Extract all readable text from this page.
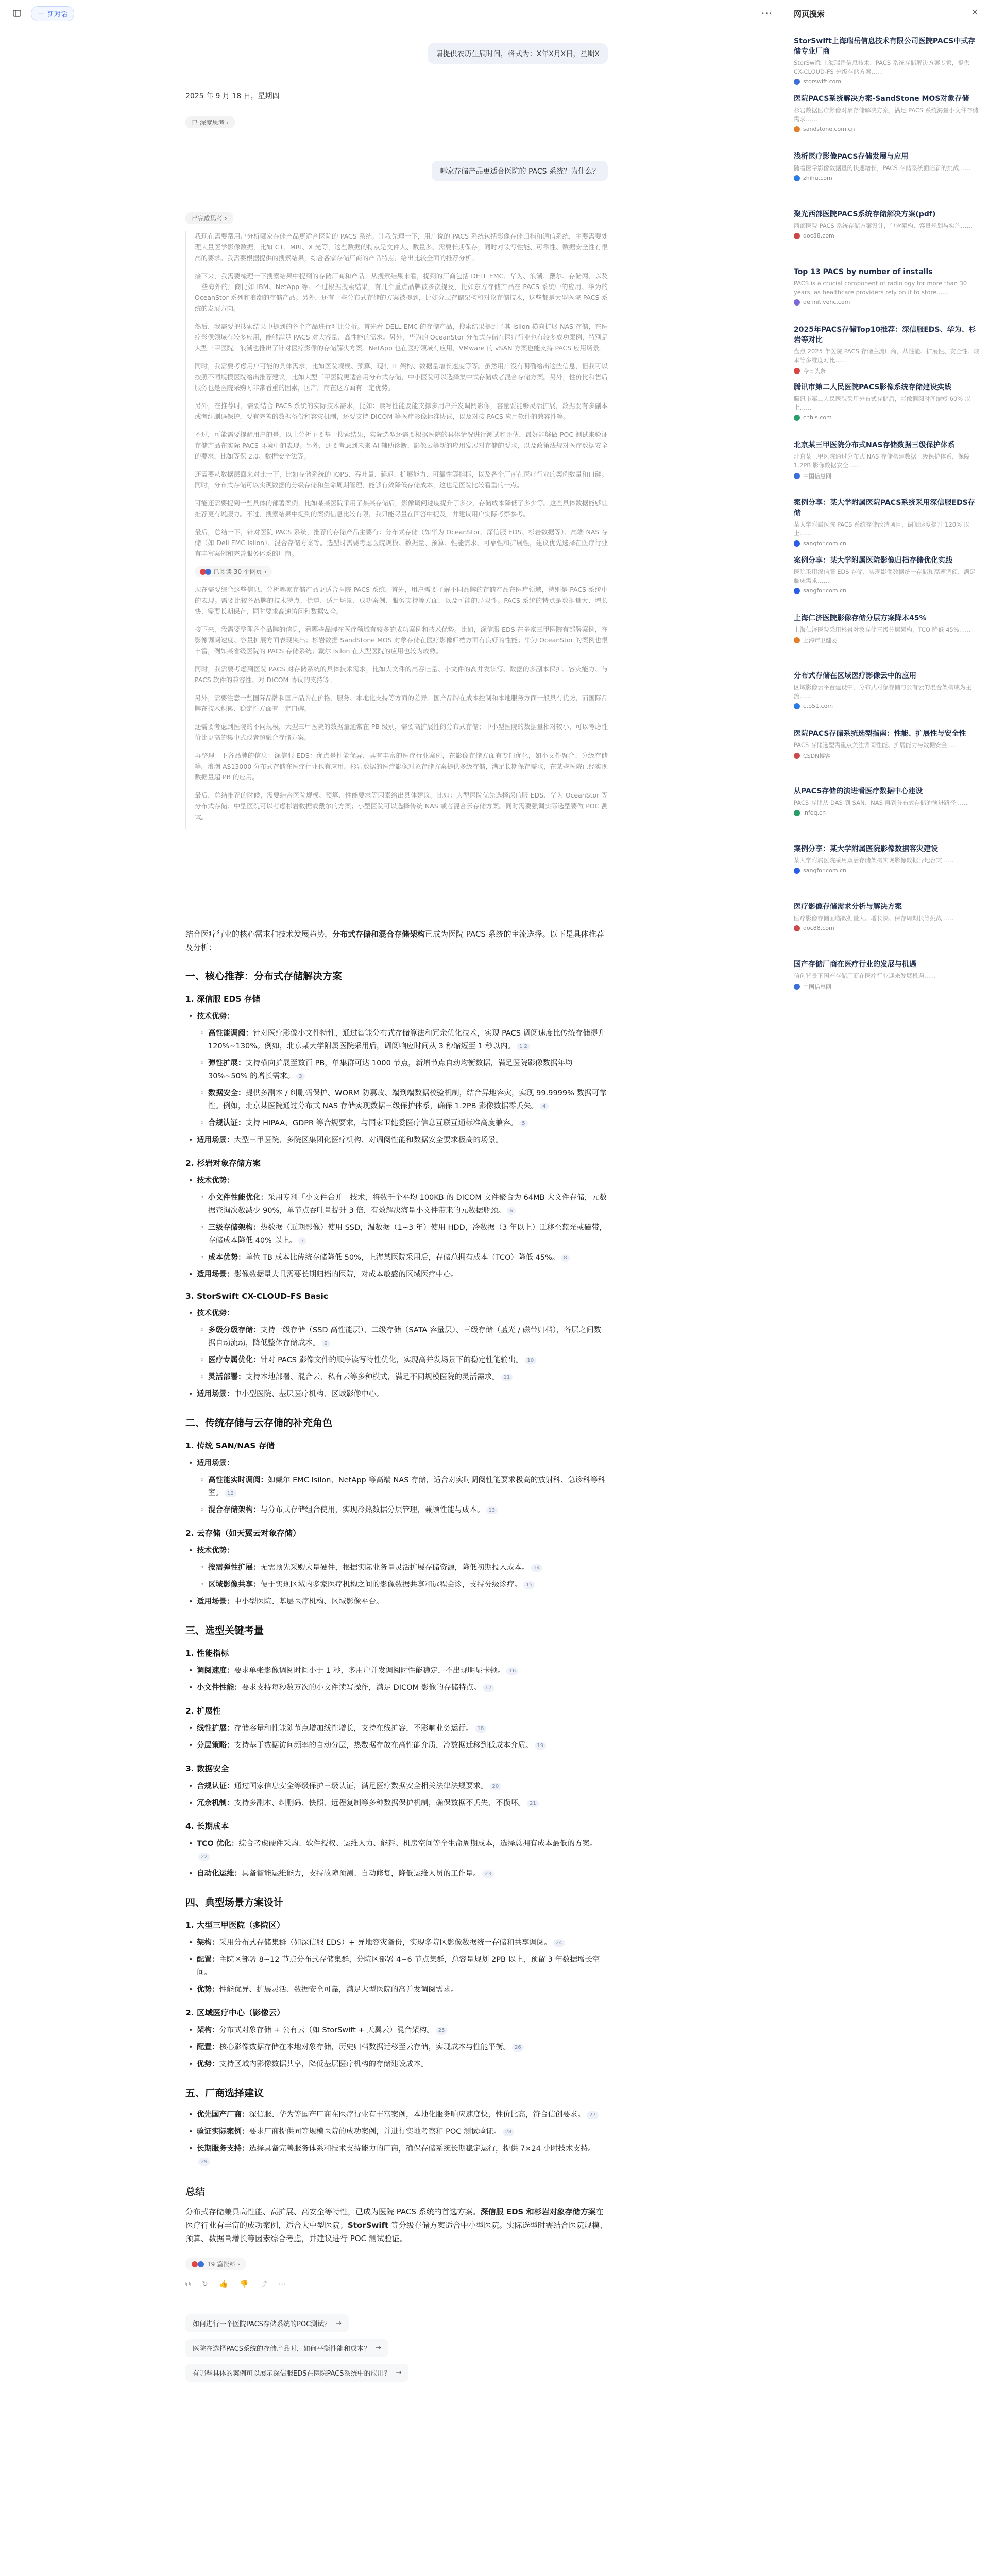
＋ 新对话	···
请提供农历生辰时间，格式为：X年X月X日，星期X
2025 年 9 月 18 日，星期四
已 深度思考 ›
哪家存储产品更适合医院的 PACS 系统？为什么？
已完成思考 ›

我现在需要帮用户分析哪家存储产品更适合医院的 PACS 系统。让我先理一下，用户说的 PACS 系统包括影像存储归档和通信系统，主要需要处理大量医学影像数据，比如 CT、MRI、X 光等，这些数据的特点是文件大、数量多、需要长期保存，同时对读写性能、可靠性、数据安全性有很高的要求。我需要根据提供的搜索结果，综合各家存储厂商的产品特点，给出比较全面的推荐分析。

接下来，我需要梳理一下搜索结果中提到的存储厂商和产品。从搜索结果来看，提到的厂商包括 DELL EMC、华为、浪潮、戴尔、存储网、以及一些海外的厂商比如 IBM、NetApp 等。不过根据搜索结果，有几个重点品牌被多次提及，比如东方存储产品在 PACS 系统中的应用、华为的 OceanStor 系列和浪潮的存储产品。另外，还有一些分布式存储的方案被提到，比如分层存储架构和对象存储技术，这些都是大型医院 PACS 系统的发展方向。

然后，我需要把搜索结果中提到的各个产品进行对比分析。首先看 DELL EMC 的存储产品，搜索结果提到了其 Isilon 横向扩展 NAS 存储，在医疗影像领域有较多应用，能够满足 PACS 对大容量、高性能的需求。另外，华为的 OceanStor 分布式存储在医疗行业也有较多成功案例，特别是大型三甲医院。浪潮也推出了针对医疗影像的存储解决方案。NetApp 也在医疗领域有应用，VMware 的 vSAN 方案也能支持 PACS 应用场景。

同时，我需要考虑用户可能的具体需求，比如医院规模、预算、现有 IT 架构、数据量增长速度等等。虽然用户没有明确给出这些信息，但我可以按照不同规模医院给出推荐建议，比如大型三甲医院更适合用分布式存储，中小医院可以选择集中式存储或者混合存储方案。另外，性价比和售后服务也是医院采购时非常看重的因素，国产厂商在这方面有一定优势。

另外，在推荐时，需要结合 PACS 系统的实际技术需求，比如：读写性能要能支撑多用户并发调阅影像，容量要能够灵活扩展，数据要有多副本或者纠删码保护，要有完善的数据备份和容灾机制，还要支持 DICOM 等医疗影像标准协议，以及对接 PACS 应用软件的兼容性等。

不过，可能需要提醒用户的是，以上分析主要基于搜索结果，实际选型还需要根据医院的具体情况进行测试和评估，最好能够做 POC 测试来验证存储产品在实际 PACS 环境中的表现。另外，还要考虑到未来 AI 辅助诊断、影像云等新的应用发展对存储的要求，以及政策法规对医疗数据安全的要求，比如等保 2.0、数据安全法等。

还需要从数据层面来对比一下，比如存储系统的 IOPS、吞吐量、延迟、扩展能力、可靠性等指标，以及各个厂商在医疗行业的案例数量和口碑。同时，分布式存储可以实现数据的分级存储和生命周期管理，能够有效降低存储成本，这也是医院比较看重的一点。

可能还需要提到一些具体的部署案例，比如某某医院采用了某某存储后，影像调阅速度提升了多少，存储成本降低了多少等。这些具体数据能够让推荐更有说服力。不过，搜索结果中提到的案例信息比较有限，我只能尽量在回答中提及，并建议用户实际考察参考。

最后，总结一下，针对医院 PACS 系统，推荐的存储产品主要有：分布式存储（如华为 OceanStor、深信服 EDS、杉岩数据等）、高端 NAS 存储（如 Dell EMC Isilon）、混合存储方案等。选型时需要考虑医院规模、数据量、预算、性能需求、可靠性和扩展性，建议优先选择在医疗行业有丰富案例和完善服务体系的厂商。

已阅读 30 个网页 ›

现在需要综合这些信息，分析哪家存储产品更适合医院 PACS 系统。首先，用户需要了解不同品牌的存储产品在医疗领域，特别是 PACS 系统中的表现。需要比较各品牌的技术特点、优势、适用场景、成功案例、服务支持等方面，以及可能的局限性。PACS 系统的特点是数据量大、增长快、需要长期保存，同时要求高速访问和数据安全。

接下来，我需要整理各个品牌的信息，看哪些品牌在医疗领域有较多的成功案例和技术优势。比如，深信服 EDS 在多家三甲医院有部署案例，在影像调阅速度、容量扩展方面表现突出；杉岩数据 SandStone MOS 对象存储在医疗影像归档方面有良好的性能；华为 OceanStor 的案例也很丰富，例如某省级医院的 PACS 存储系统；戴尔 Isilon 在大型医院的应用也较为成熟。

同时，我需要考虑到医院 PACS 对存储系统的具体技术需求，比如大文件的高吞吐量、小文件的高并发读写、数据的多副本保护、容灾能力、与 PACS 软件的兼容性、对 DICOM 协议的支持等。

另外，需要注意一些国际品牌和国产品牌在价格、服务、本地化支持等方面的差异。国产品牌在成本控制和本地服务方面一般具有优势，而国际品牌在技术积累、稳定性方面有一定口碑。

还需要考虑到医院的不同规模，大型三甲医院的数据量通常在 PB 级别，需要高扩展性的分布式存储；中小型医院的数据量相对较小，可以考虑性价比更高的集中式或者超融合存储方案。

再整理一下各品牌的信息：深信服 EDS：优点是性能优异，具有丰富的医疗行业案例，在影像存储方面有专门优化，如小文件聚合、分级存储等。浪潮 AS13000 分布式存储在医疗行业也有应用。杉岩数据的医疗影像对象存储方案提供多级存储，满足长期保存需求，在某些医院已经实现数据量超 PB 的应用。

最后，总结推荐的时候，需要结合医院规模、预算、性能要求等因素给出具体建议。比如：大型医院优先选择深信服 EDS、华为 OceanStor 等分布式存储；中型医院可以考虑杉岩数据或戴尔的方案；小型医院可以选择传统 NAS 或者混合云存储方案。同时需要强调实际选型要做 POC 测试。

结合医疗行业的核心需求和技术发展趋势，分布式存储和混合存储架构已成为医院 PACS 系统的主流选择。以下是具体推荐及分析：

一、核心推荐：分布式存储解决方案
1. 深信服 EDS 存储
• 技术优势：
◦ 高性能调阅：针对医疗影像小文件特性，通过智能分布式存储算法和冗余优化技术，实现 PACS 调阅速度比传统存储提升 120%~130%。例如，北京某大学附属医院采用后，调阅响应时间从 3 秒缩短至 1 秒以内。 1 2
◦ 弹性扩展：支持横向扩展至数百 PB，单集群可达 1000 节点，新增节点自动均衡数据，满足医院影像数据年均 30%~50% 的增长需求。 3
◦ 数据安全：提供多副本 / 纠删码保护、WORM 防篡改、端到端数据校验机制，结合异地容灾，实现 99.9999% 数据可靠性。例如，北京某医院通过分布式 NAS 存储实现数据三级保护体系，确保 1.2PB 影像数据零丢失。 4
◦ 合规认证：支持 HIPAA、GDPR 等合规要求，与国家卫健委医疗信息互联互通标准高度兼容。 5
• 适用场景：大型三甲医院、多院区集团化医疗机构、对调阅性能和数据安全要求极高的场景。
2. 杉岩对象存储方案
• 技术优势：
◦ 小文件性能优化：采用专利「小文件合并」技术，将数千个平均 100KB 的 DICOM 文件聚合为 64MB 大文件存储，元数据查询次数减少 90%，单节点吞吐量提升 3 倍，有效解决海量小文件带来的元数据瓶颈。 6
◦ 三级存储架构：热数据（近期影像）使用 SSD，温数据（1~3 年）使用 HDD，冷数据（3 年以上）迁移至蓝光或磁带，存储成本降低 40% 以上。 7
◦ 成本优势：单位 TB 成本比传统存储降低 50%，上海某医院采用后，存储总拥有成本（TCO）降低 45%。 8
• 适用场景：影像数据量大且需要长期归档的医院，对成本敏感的区域医疗中心。
3. StorSwift CX-CLOUD-FS Basic
• 技术优势：
◦ 多级分级存储：支持一级存储（SSD 高性能层）、二级存储（SATA 容量层）、三级存储（蓝光 / 磁带归档），各层之间数据自动流动，降低整体存储成本。 9
◦ 医疗专属优化：针对 PACS 影像文件的顺序读写特性优化，实现高并发场景下的稳定性能输出。 10
◦ 灵活部署：支持本地部署、混合云、私有云等多种模式，满足不同规模医院的灵活需求。 11
• 适用场景：中小型医院、基层医疗机构、区域影像中心。
二、传统存储与云存储的补充角色
1. 传统 SAN/NAS 存储
• 适用场景：
◦ 高性能实时调阅：如戴尔 EMC Isilon、NetApp 等高端 NAS 存储，适合对实时调阅性能要求极高的放射科、急诊科等科室。 12
◦ 混合存储架构：与分布式存储组合使用，实现冷热数据分层管理，兼顾性能与成本。 13
2. 云存储（如天翼云对象存储）
• 技术优势：
◦ 按需弹性扩展：无需预先采购大量硬件，根据实际业务量灵活扩展存储资源，降低初期投入成本。 14
◦ 区域影像共享：便于实现区域内多家医疗机构之间的影像数据共享和远程会诊，支持分级诊疗。 15
• 适用场景：中小型医院、基层医疗机构、区域影像平台。
三、选型关键考量
1. 性能指标
• 调阅速度：要求单张影像调阅时间小于 1 秒，多用户并发调阅时性能稳定，不出现明显卡顿。 16
• 小文件性能：要求支持每秒数万次的小文件读写操作，满足 DICOM 影像的存储特点。 17
2. 扩展性
• 线性扩展：存储容量和性能随节点增加线性增长，支持在线扩容，不影响业务运行。 18
• 分层策略：支持基于数据访问频率的自动分层，热数据存放在高性能介质，冷数据迁移到低成本介质。 19
3. 数据安全
• 合规认证：通过国家信息安全等级保护三级认证，满足医疗数据安全相关法律法规要求。 20
• 冗余机制：支持多副本、纠删码、快照、远程复制等多种数据保护机制，确保数据不丢失、不损坏。 21
4. 长期成本
• TCO 优化：综合考虑硬件采购、软件授权、运维人力、能耗、机房空间等全生命周期成本，选择总拥有成本最低的方案。22
• 自动化运维：具备智能运维能力，支持故障预测、自动修复，降低运维人员的工作量。 23
四、典型场景方案设计
1. 大型三甲医院（多院区）
• 架构：采用分布式存储集群（如深信服 EDS）+ 异地容灾备份，实现多院区影像数据统一存储和共享调阅。 24
• 配置：主院区部署 8~12 节点分布式存储集群，分院区部署 4~6 节点集群，总容量规划 2PB 以上，预留 3 年数据增长空间。
• 优势：性能优异、扩展灵活、数据安全可靠，满足大型医院的高并发调阅需求。
2. 区域医疗中心（影像云）
• 架构：分布式对象存储 + 公有云（如 StorSwift + 天翼云）混合架构。 25
• 配置：核心影像数据存储在本地对象存储，历史归档数据迁移至云存储，实现成本与性能平衡。 26
• 优势：支持区域内影像数据共享，降低基层医疗机构的存储建设成本。
五、厂商选择建议
• 优先国产厂商：深信服、华为等国产厂商在医疗行业有丰富案例，本地化服务响应速度快，性价比高，符合信创要求。 27
• 验证实际案例：要求厂商提供同等规模医院的成功案例，并进行实地考察和 POC 测试验证。 28
• 长期服务支持：选择具备完善服务体系和技术支持能力的厂商，确保存储系统长期稳定运行，提供 7×24 小时技术支持。29
总结

分布式存储兼具高性能、高扩展、高安全等特性，已成为医院 PACS 系统的首选方案。深信服 EDS 和杉岩对象存储方案在医疗行业有丰富的成功案例，适合大中型医院；StorSwift 等分级存储方案适合中小型医院。实际选型时需结合医院规模、预算、数据量增长等因素综合考虑，并建议进行 POC 测试验证。

19 篇资料 ›
⧉ ↻ 👍 👎 ⤴ ⋯
如何进行一个医院PACS存储系统的POC测试？ →
医院在选择PACS系统的存储产品时，如何平衡性能和成本？ →
有哪些具体的案例可以展示深信服EDS在医院PACS系统中的应用？ →
网页搜索	✕
StorSwift上海瑞岳信息技术有限公司医院PACS中式存储专业厂商
StorSwift 上海瑞岳信息技术，PACS 系统存储解决方案专家，提供 CX-CLOUD-FS 分级存储方案……
storswift.com
医院PACS系统解决方案-SandStone MOS对象存储
杉岩数据医疗影像对象存储解决方案，满足 PACS 系统海量小文件存储需求……
sandstone.com.cn
浅析医疗影像PACS存储发展与应用
随着医学影像数据量的快速增长，PACS 存储系统面临新的挑战……
zhihu.com
聚光西部医院PACS系统存储解决方案(pdf)
西部医院 PACS 系统存储方案设计，包含架构、容量规划与实施……
doc88.com
Top 13 PACS by number of installs
PACS is a crucial component of radiology for more than 30 years, as healthcare providers rely on it to store……
definitivehc.com
2025年PACS存储Top10推荐：深信服EDS、华为、杉岩等对比
盘点 2025 年医院 PACS 存储主流厂商，从性能、扩展性、安全性、成本等多维度对比……
今日头条
腾讯市第二人民医院PACS影像系统存储建设实践
腾讯市第二人民医院采用分布式存储后，影像调阅时间缩短 60% 以上……
cnhis.com
北京某三甲医院分布式NAS存储数据三级保护体系
北京某三甲医院通过分布式 NAS 存储构建数据三级保护体系，保障 1.2PB 影像数据安全……
中国信息网
案例分享：某大学附属医院PACS系统采用深信服EDS存储
某大学附属医院 PACS 系统存储改造项目，调阅速度提升 120% 以上……
sangfor.com.cn
案例分享：某大学附属医院影像归档存储优化实践
医院采用深信服 EDS 存储，实现影像数据统一存储和高速调阅，满足临床需求……
sangfor.com.cn
上海仁济医院影像存储分层方案降本45%
上海仁济医院采用杉岩对象存储三级分层架构，TCO 降低 45%……
上海市卫健委
分布式存储在区域医疗影像云中的应用
区域影像云平台建设中，分布式对象存储与公有云的混合架构成为主流……
cto51.com
医院PACS存储系统选型指南：性能、扩展性与安全性
PACS 存储选型需重点关注调阅性能、扩展能力与数据安全……
CSDN博客
从PACS存储的演进看医疗数据中心建设
PACS 存储从 DAS 到 SAN、NAS 再到分布式存储的演进路径……
infoq.cn
案例分享：某大学附属医院影像数据容灾建设
某大学附属医院采用双活存储架构实现影像数据异地容灾……
sangfor.com.cn
医疗影像存储需求分析与解决方案
医疗影像存储面临数据量大、增长快、保存周期长等挑战……
doc88.com
国产存储厂商在医疗行业的发展与机遇
信创背景下国产存储厂商在医疗行业迎来发展机遇……
中国信息网
